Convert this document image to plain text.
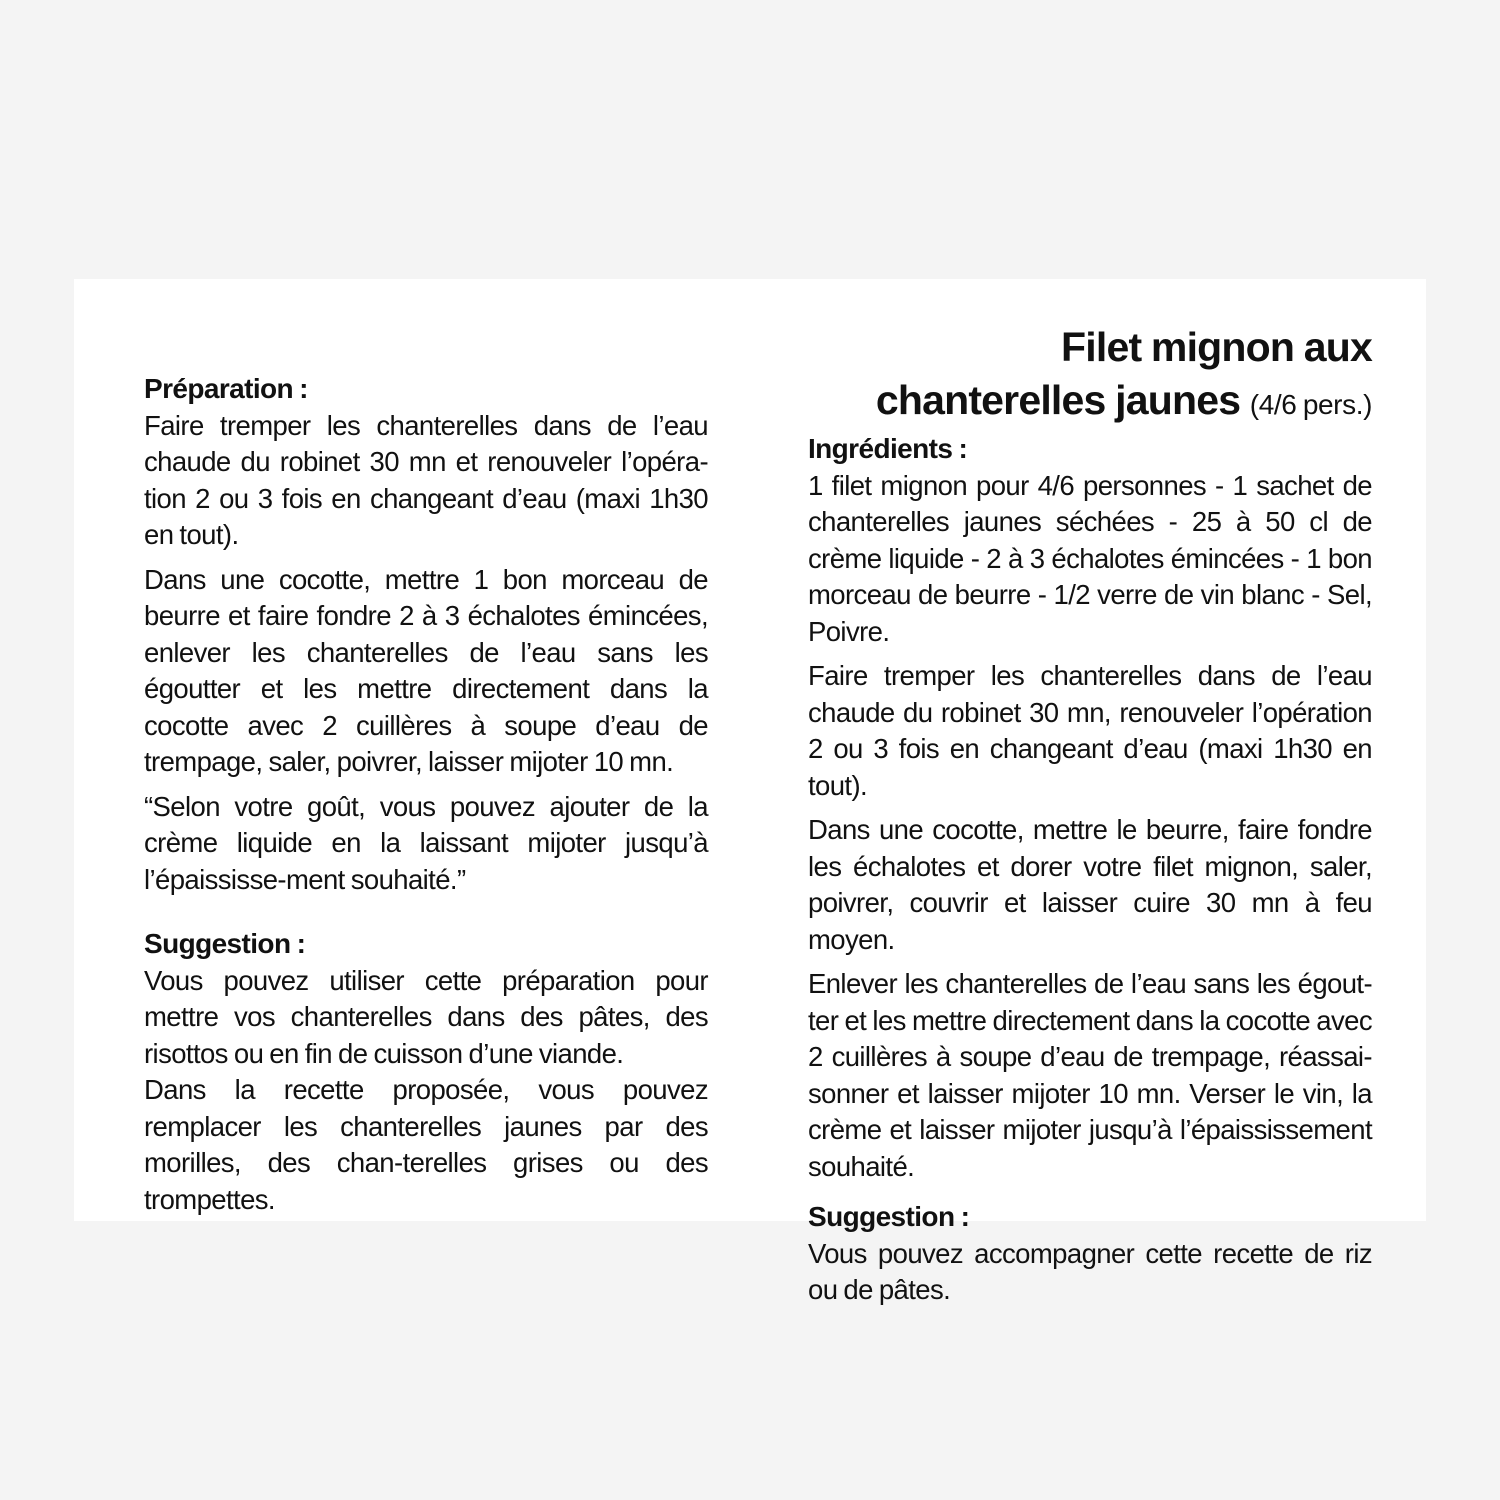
Préparation :

Faire tremper les chanterelles dans de l’eau chaude du robinet 30 mn et renouveler l’opéra-tion 2 ou 3 fois en changeant d’eau (maxi 1h30 en tout).

Dans une cocotte, mettre 1 bon morceau de beurre et faire fondre 2 à 3 échalotes émincées, enlever les chanterelles de l’eau sans les égoutter et les mettre directement dans la cocotte avec 2 cuillères à soupe d’eau de trempage, saler, poivrer, laisser mijoter 10 mn.

“Selon votre goût, vous pouvez ajouter de la crème liquide en la laissant mijoter jusqu’à l’épaississe-ment souhaité.”

Suggestion :

Vous pouvez utiliser cette préparation pour mettre vos chanterelles dans des pâtes, des risottos ou en fin de cuisson d’une viande.

Dans la recette proposée, vous pouvez remplacer les chanterelles jaunes par des morilles, des chan-terelles grises ou des trompettes.

Filet mignon aux
chanterelles jaunes (4/6 pers.)
Ingrédients :

1 filet mignon pour 4/6 personnes - 1 sachet de chanterelles jaunes séchées - 25 à 50 cl de crème liquide - 2 à 3 échalotes émincées - 1 bon morceau de beurre - 1/2 verre de vin blanc - Sel, Poivre.

Faire tremper les chanterelles dans de l’eau chaude du robinet 30 mn, renouveler l’opération 2 ou 3 fois en changeant d’eau (maxi 1h30 en tout).

Dans une cocotte, mettre le beurre, faire fondre les échalotes et dorer votre filet mignon, saler, poivrer, couvrir et laisser cuire 30 mn à feu moyen.

Enlever les chanterelles de l’eau sans les égout-ter et les mettre directement dans la cocotte avec 2 cuillères à soupe d’eau de trempage, réassai-sonner et laisser mijoter 10 mn. Verser le vin, la crème et laisser mijoter jusqu’à l’épaississement souhaité.

Suggestion :

Vous pouvez accompagner cette recette de riz ou de pâtes.
